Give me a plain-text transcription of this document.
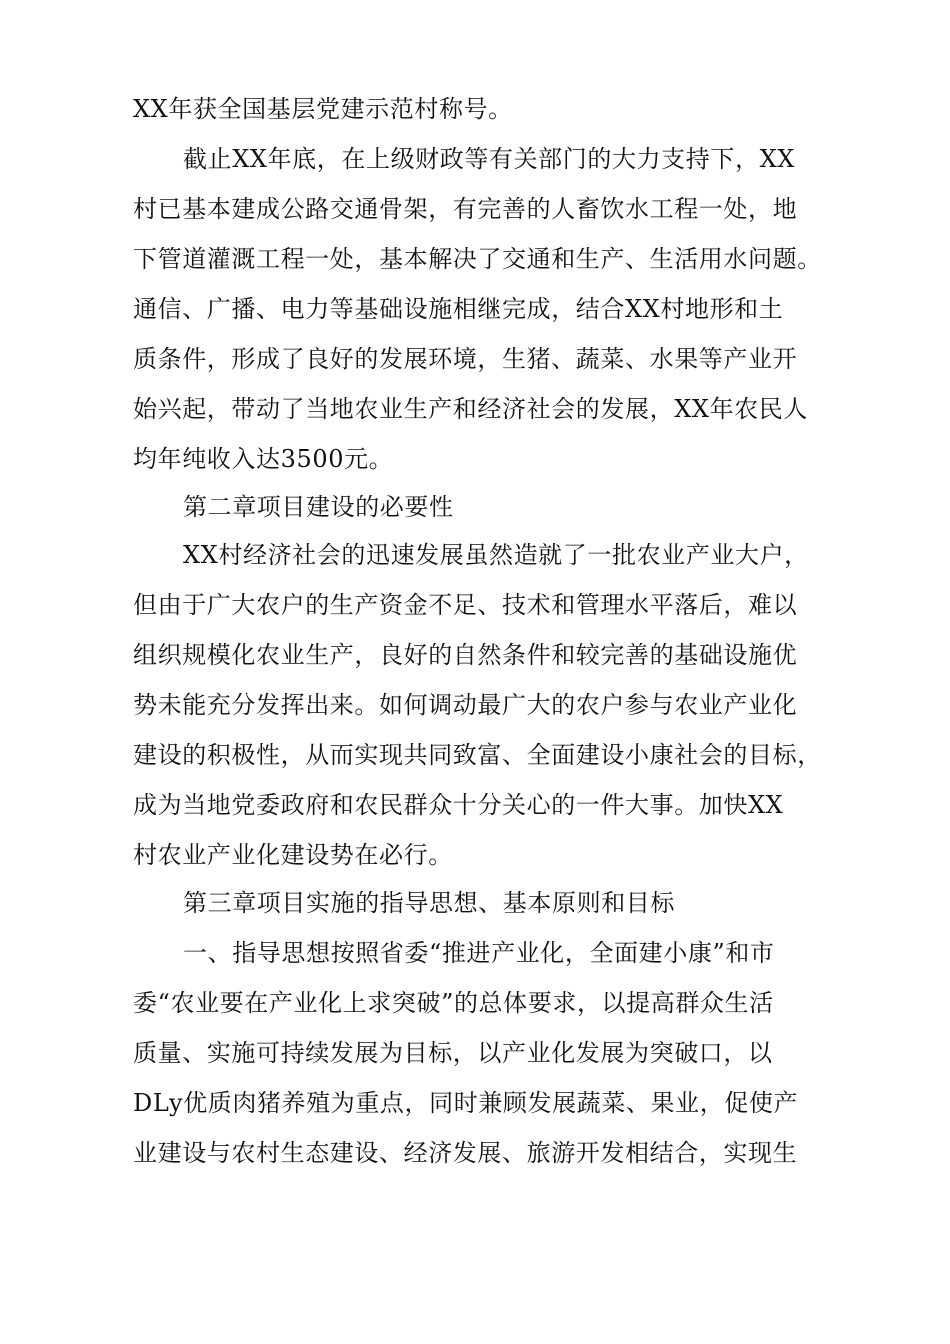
XX年获全国基层党建示范村称号。
截止XX年底，在上级财政等有关部门的大力支持下，XX
村已基本建成公路交通骨架，有完善的人畜饮水工程一处，地
下管道灌溉工程一处，基本解决了交通和生产、生活用水问题。
通信、广播、电力等基础设施相继完成，结合XX村地形和土
质条件，形成了良好的发展环境，生猪、蔬菜、水果等产业开
始兴起，带动了当地农业生产和经济社会的发展，XX年农民人
均年纯收入达3500元。
第二章项目建设的必要性
XX村经济社会的迅速发展虽然造就了一批农业产业大户，
但由于广大农户的生产资金不足、技术和管理水平落后，难以
组织规模化农业生产，良好的自然条件和较完善的基础设施优
势未能充分发挥出来。如何调动最广大的农户参与农业产业化
建设的积极性，从而实现共同致富、全面建设小康社会的目标，
成为当地党委政府和农民群众十分关心的一件大事。加快XX
村农业产业化建设势在必行。
第三章项目实施的指导思想、基本原则和目标
一、指导思想按照省委“推进产业化，全面建小康”和市
委“农业要在产业化上求突破”的总体要求，以提高群众生活
质量、实施可持续发展为目标，以产业化发展为突破口，以
DLy优质肉猪养殖为重点，同时兼顾发展蔬菜、果业，促使产
业建设与农村生态建设、经济发展、旅游开发相结合，实现生
